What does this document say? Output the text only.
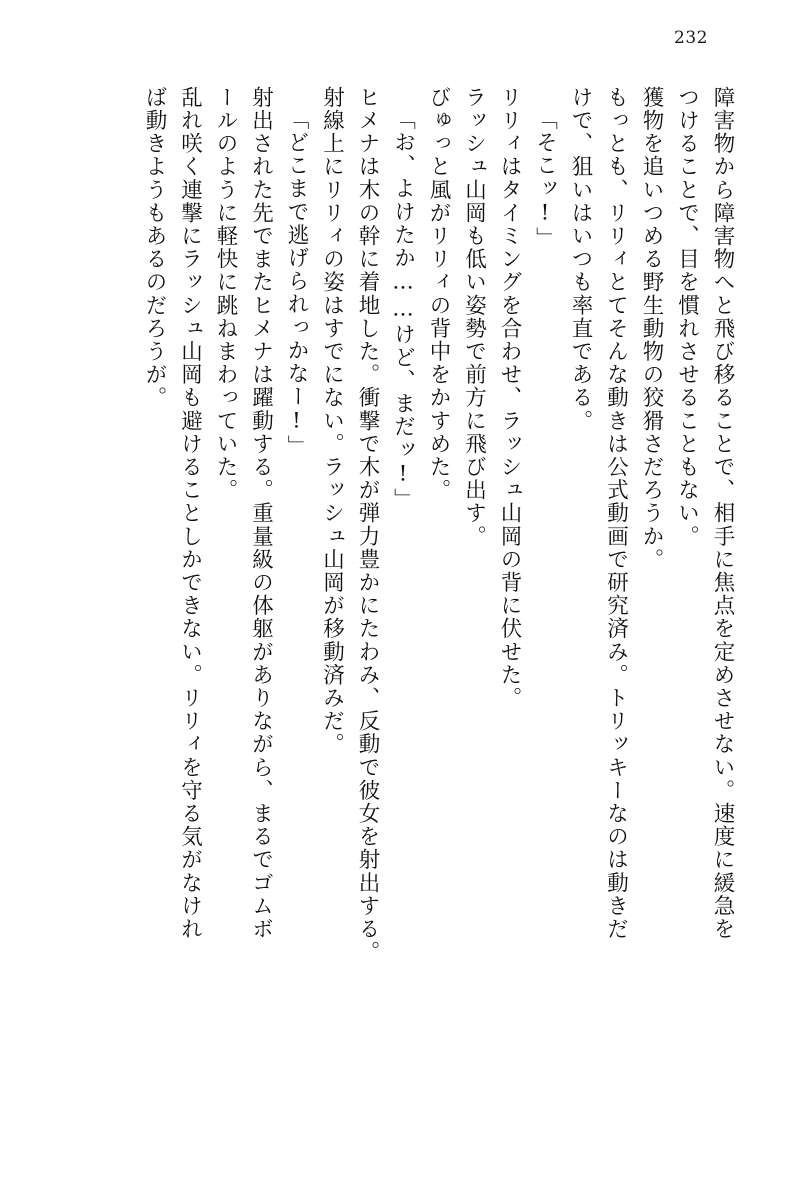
232
障害物から障害物へと飛び移ることで、相手に焦点を定めさせない。速度に緩急を
つけることで、目を慣れさせることもない。
獲物を追いつめる野生動物の狡猾さだろうか。
もっとも、リリィとてそんな動きは公式動画で研究済み。トリッキーなのは動きだ
けで、狙いはいつも率直である。
「そこッ!」
リリィはタイミングを合わせ、ラッシュ山岡の背に伏せた。
ラッシュ山岡も低い姿勢で前方に飛び出す。
びゅっと風がリリィの背中をかすめた。
「お、よけたか……けど、まだッ!」
ヒメナは木の幹に着地した。衝撃で木が弾力豊かにたわみ、反動で彼女を射出する。
射線上にリリィの姿はすでにない。ラッシュ山岡が移動済みだ。
「どこまで逃げられっかなー!」
射出された先でまたヒメナは躍動する。重量級の体躯がありながら、まるでゴムボ
ールのように軽快に跳ねまわっていた。
乱れ咲く連撃にラッシュ山岡も避けることしかできない。リリィを守る気がなけれ
ば動きようもあるのだろうが。
